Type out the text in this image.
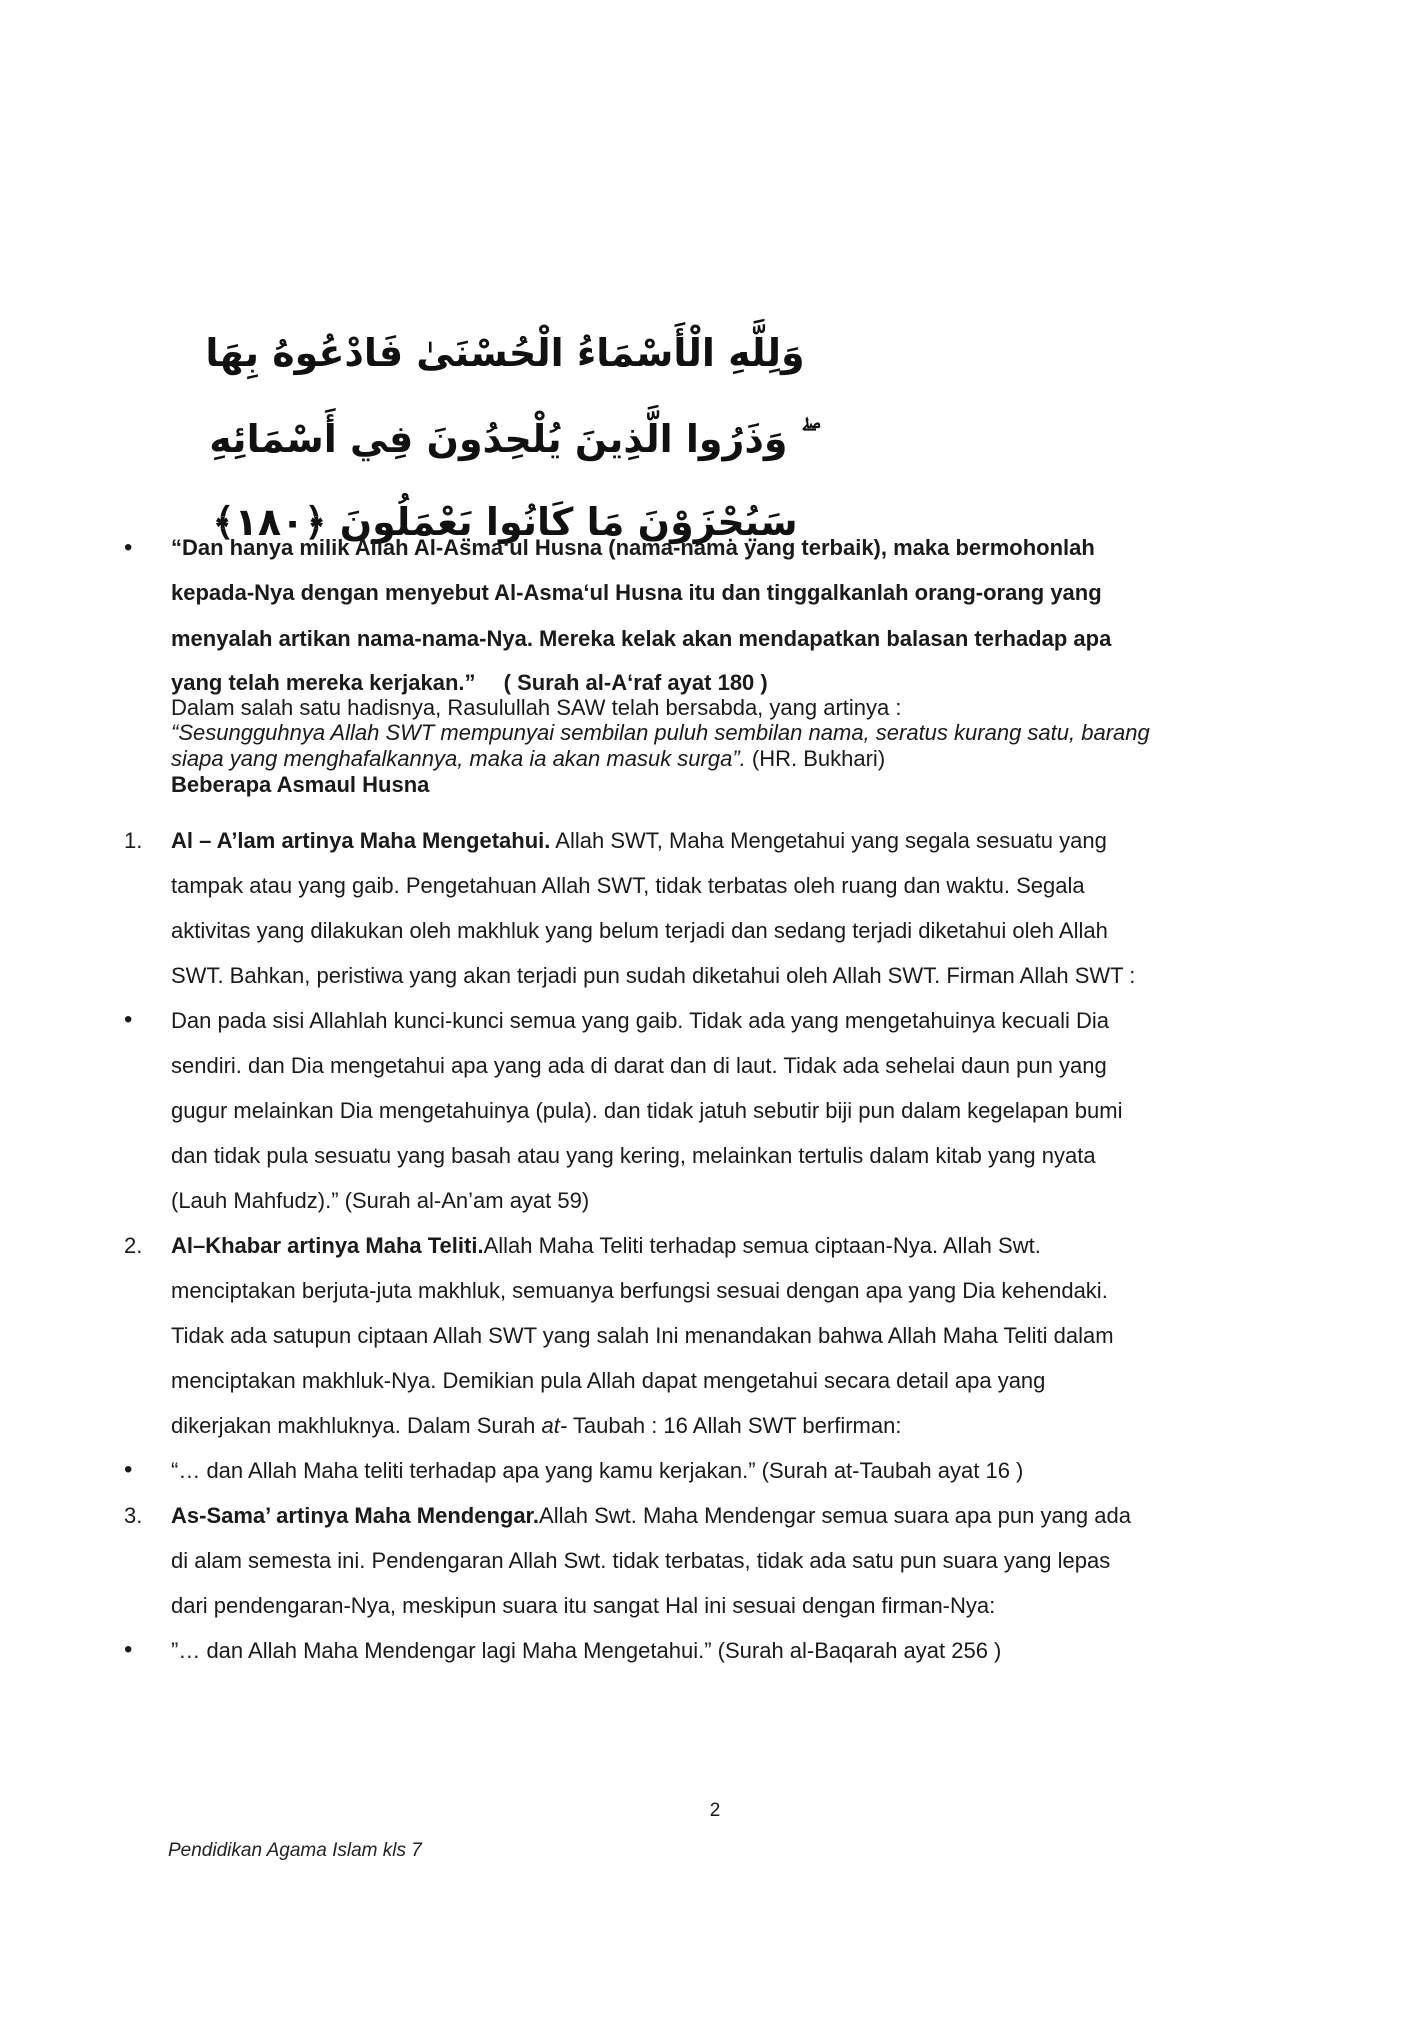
وَلِلَّهِ الْأَسْمَاءُ الْحُسْنَىٰ فَادْعُوهُ بِهَا ۖ وَذَرُوا الَّذِينَ يُلْحِدُونَ فِي أَسْمَائِهِ
سَيُجْزَوْنَ مَا كَانُوا يَعْمَلُونَ ﴿١٨٠﴾
• “Dan hanya milik Allah Al-Asma‘ul Husna (nama-nama yang terbaik), maka bermohonlah
kepada-Nya dengan menyebut Al-Asma‘ul Husna itu dan tinggalkanlah orang-orang yang
menyalah artikan nama-nama-Nya. Mereka kelak akan mendapatkan balasan terhadap apa
yang telah mereka kerjakan.” ( Surah al-A‘raf ayat 180 )
Dalam salah satu hadisnya, Rasulullah SAW telah bersabda, yang artinya :
“Sesungguhnya Allah SWT mempunyai sembilan puluh sembilan nama, seratus kurang satu, barang
siapa yang menghafalkannya, maka ia akan masuk surga”. (HR. Bukhari)
Beberapa Asmaul Husna
1. Al – A’lam artinya Maha Mengetahui. Allah SWT, Maha Mengetahui yang segala sesuatu yang
tampak atau yang gaib. Pengetahuan Allah SWT, tidak terbatas oleh ruang dan waktu. Segala
aktivitas yang dilakukan oleh makhluk yang belum terjadi dan sedang terjadi diketahui oleh Allah
SWT. Bahkan, peristiwa yang akan terjadi pun sudah diketahui oleh Allah SWT. Firman Allah SWT :
• Dan pada sisi Allahlah kunci-kunci semua yang gaib. Tidak ada yang mengetahuinya kecuali Dia
sendiri. dan Dia mengetahui apa yang ada di darat dan di laut. Tidak ada sehelai daun pun yang
gugur melainkan Dia mengetahuinya (pula). dan tidak jatuh sebutir biji pun dalam kegelapan bumi
dan tidak pula sesuatu yang basah atau yang kering, melainkan tertulis dalam kitab yang nyata
(Lauh Mahfudz).” (Surah al-An’am ayat 59)
2. Al–Khabar artinya Maha Teliti.Allah Maha Teliti terhadap semua ciptaan-Nya. Allah Swt.
menciptakan berjuta-juta makhluk, semuanya berfungsi sesuai dengan apa yang Dia kehendaki.
Tidak ada satupun ciptaan Allah SWT yang salah Ini menandakan bahwa Allah Maha Teliti dalam
menciptakan makhluk-Nya. Demikian pula Allah dapat mengetahui secara detail apa yang
dikerjakan makhluknya. Dalam Surah at- Taubah : 16 Allah SWT berfirman:
• “… dan Allah Maha teliti terhadap apa yang kamu kerjakan.” (Surah at-Taubah ayat 16 )
3. As-Sama’ artinya Maha Mendengar.Allah Swt. Maha Mendengar semua suara apa pun yang ada
di alam semesta ini. Pendengaran Allah Swt. tidak terbatas, tidak ada satu pun suara yang lepas
dari pendengaran-Nya, meskipun suara itu sangat Hal ini sesuai dengan firman-Nya:
• ”… dan Allah Maha Mendengar lagi Maha Mengetahui.” (Surah al-Baqarah ayat 256 )
2
Pendidikan Agama Islam kls 7
